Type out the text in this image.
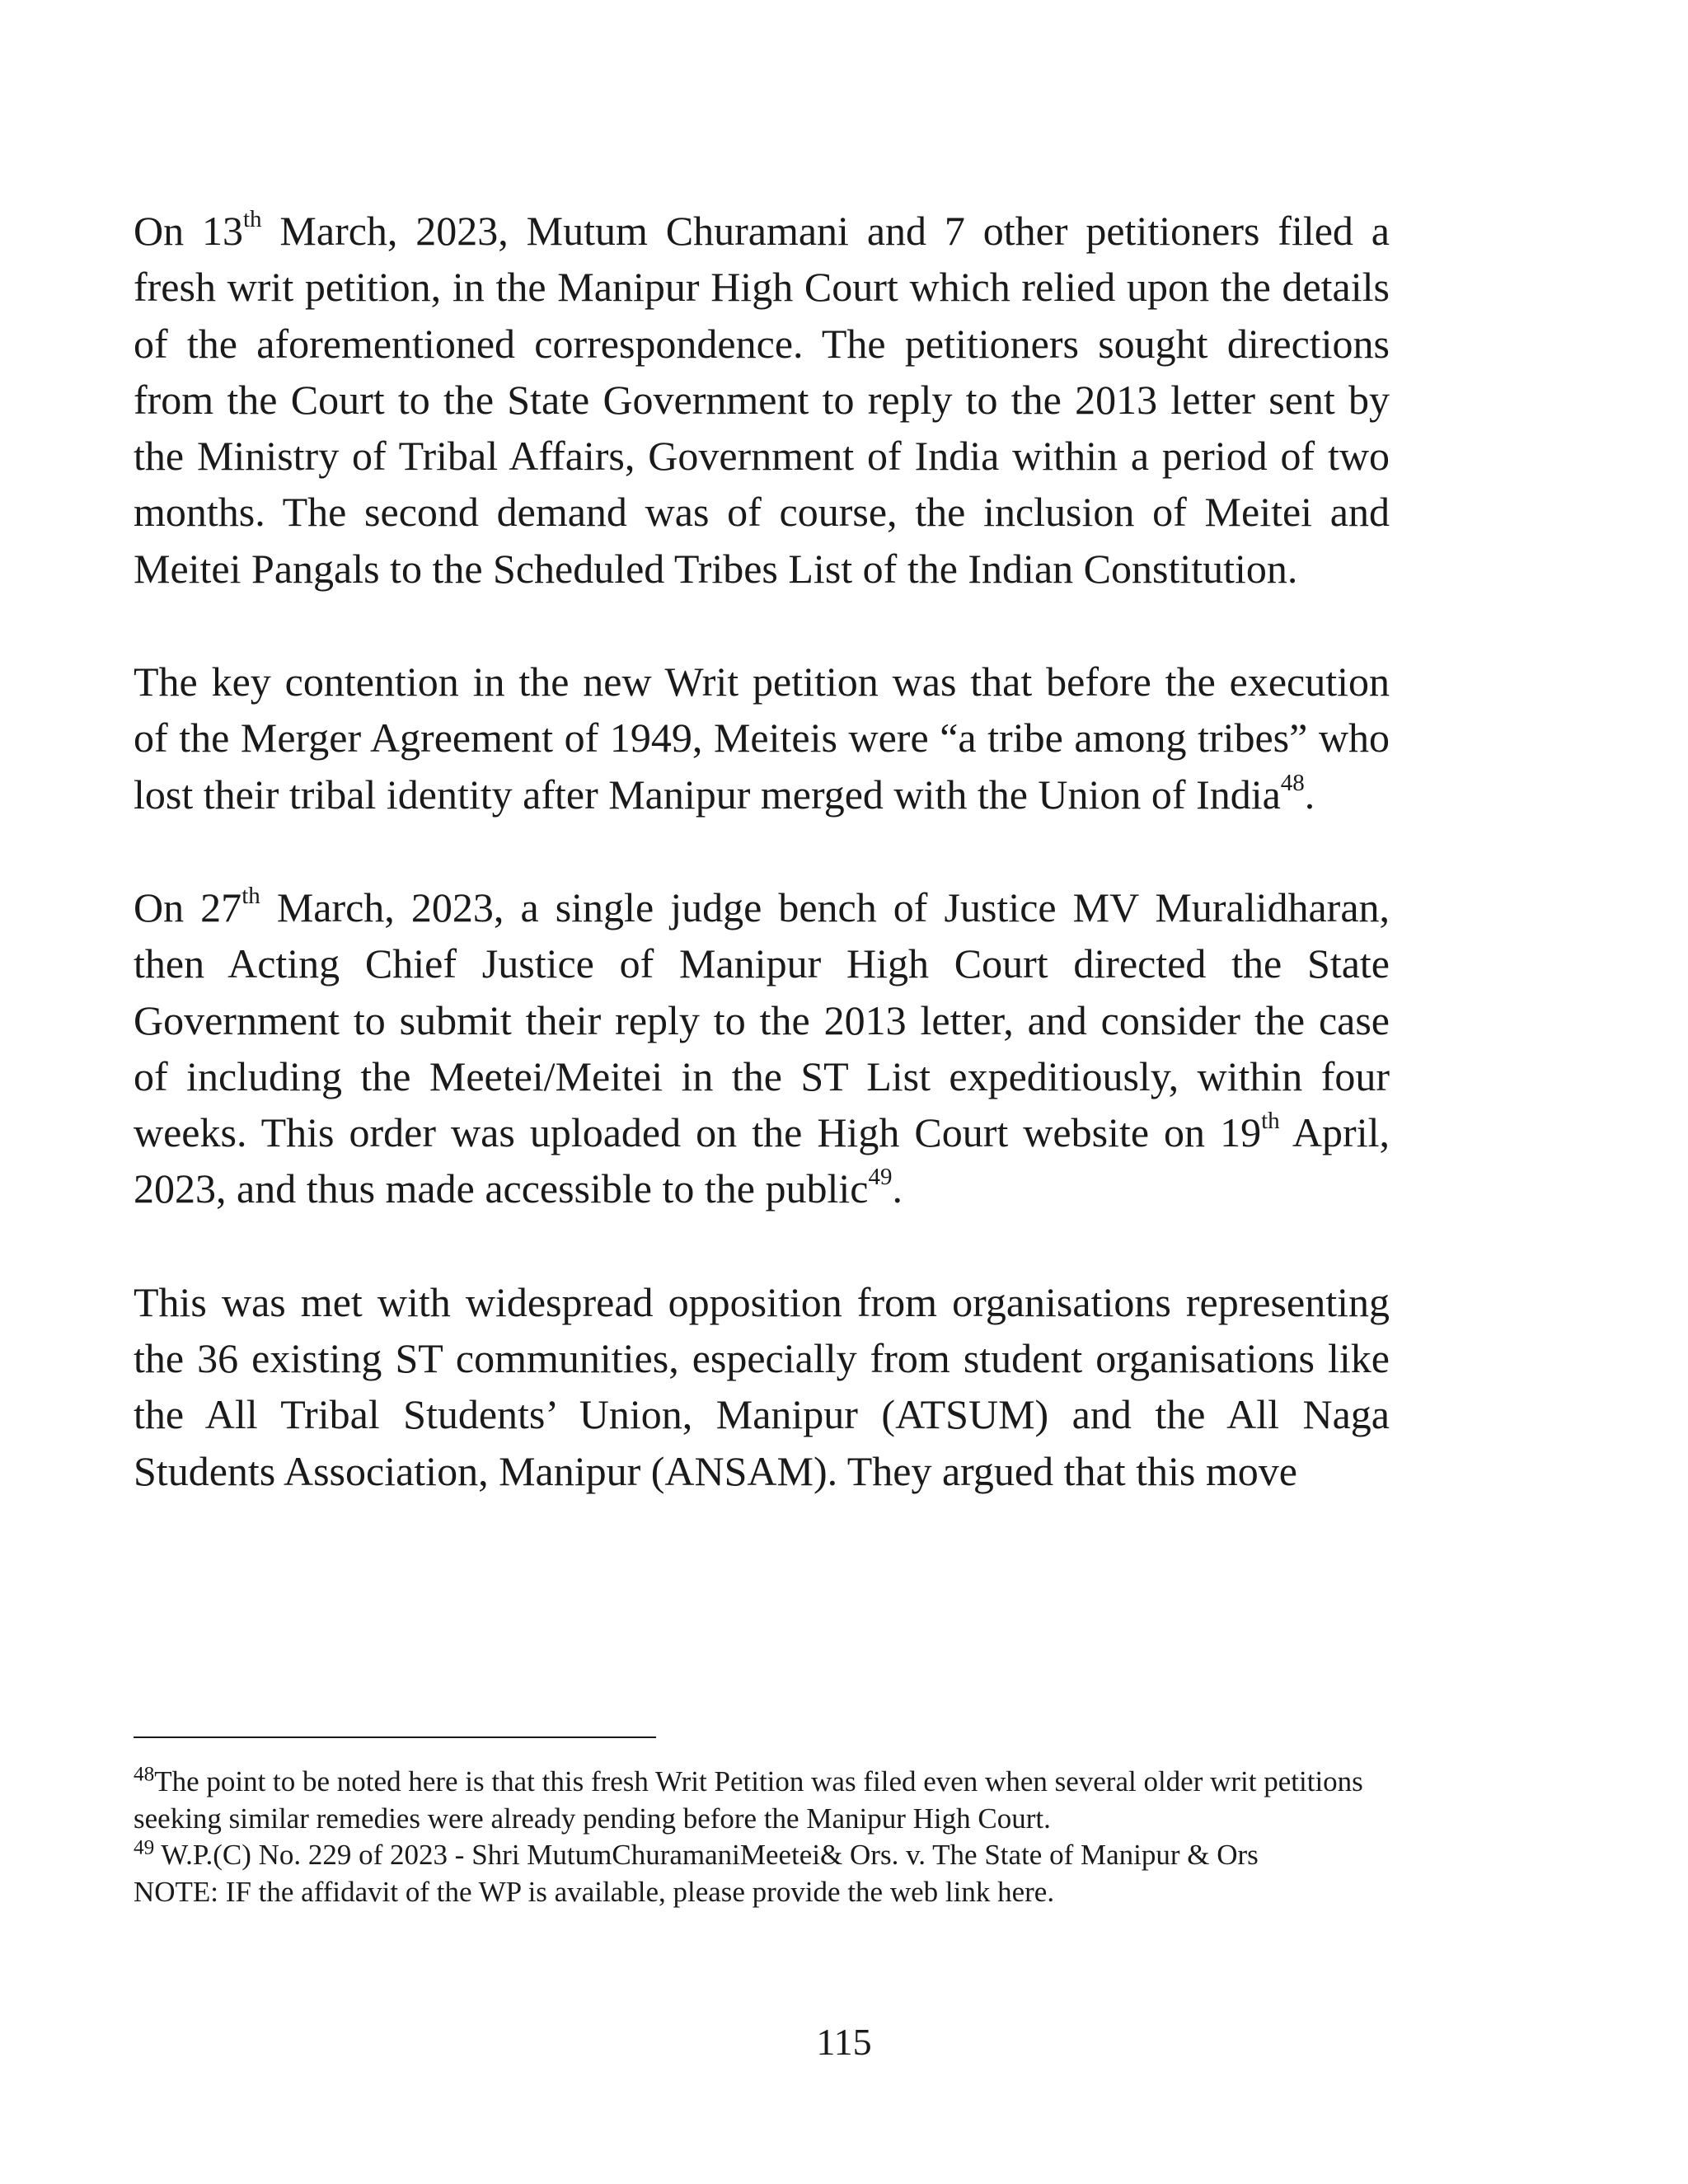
On 13th March, 2023, Mutum Churamani and 7 other petitioners filed a fresh writ petition, in the Manipur High Court which relied upon the details of the aforementioned correspondence. The petitioners sought directions from the Court to the State Government to reply to the 2013 letter sent by the Ministry of Tribal Affairs, Government of India within a period of two months. The second demand was of course, the inclusion of Meitei and Meitei Pangals to the Scheduled Tribes List of the Indian Constitution.

The key contention in the new Writ petition was that before the execution of the Merger Agreement of 1949, Meiteis were “a tribe among tribes” who lost their tribal identity after Manipur merged with the Union of India$^{48}$.

On 27th March, 2023, a single judge bench of Justice MV Muralidharan, then Acting Chief Justice of Manipur High Court directed the State Government to submit their reply to the 2013 letter, and consider the case of including the Meetei/Meitei in the ST List expeditiously, within four weeks. This order was uploaded on the High Court website on 19th April, 2023, and thus made accessible to the public$^{49}$.

This was met with widespread opposition from organisations representing the 36 existing ST communities, especially from student organisations like the All Tribal Students’ Union, Manipur (ATSUM) and the All Naga Students Association, Manipur (ANSAM). They argued that this move

$^{48}$The point to be noted here is that this fresh Writ Petition was filed even when several older writ petitions seeking similar remedies were already pending before the Manipur High Court.

$^{49}$ W.P.(C) No. 229 of 2023 - Shri MutumChuramaniMeetei& Ors. v. The State of Manipur & Ors

NOTE: IF the affidavit of the WP is available, please provide the web link here.

115
